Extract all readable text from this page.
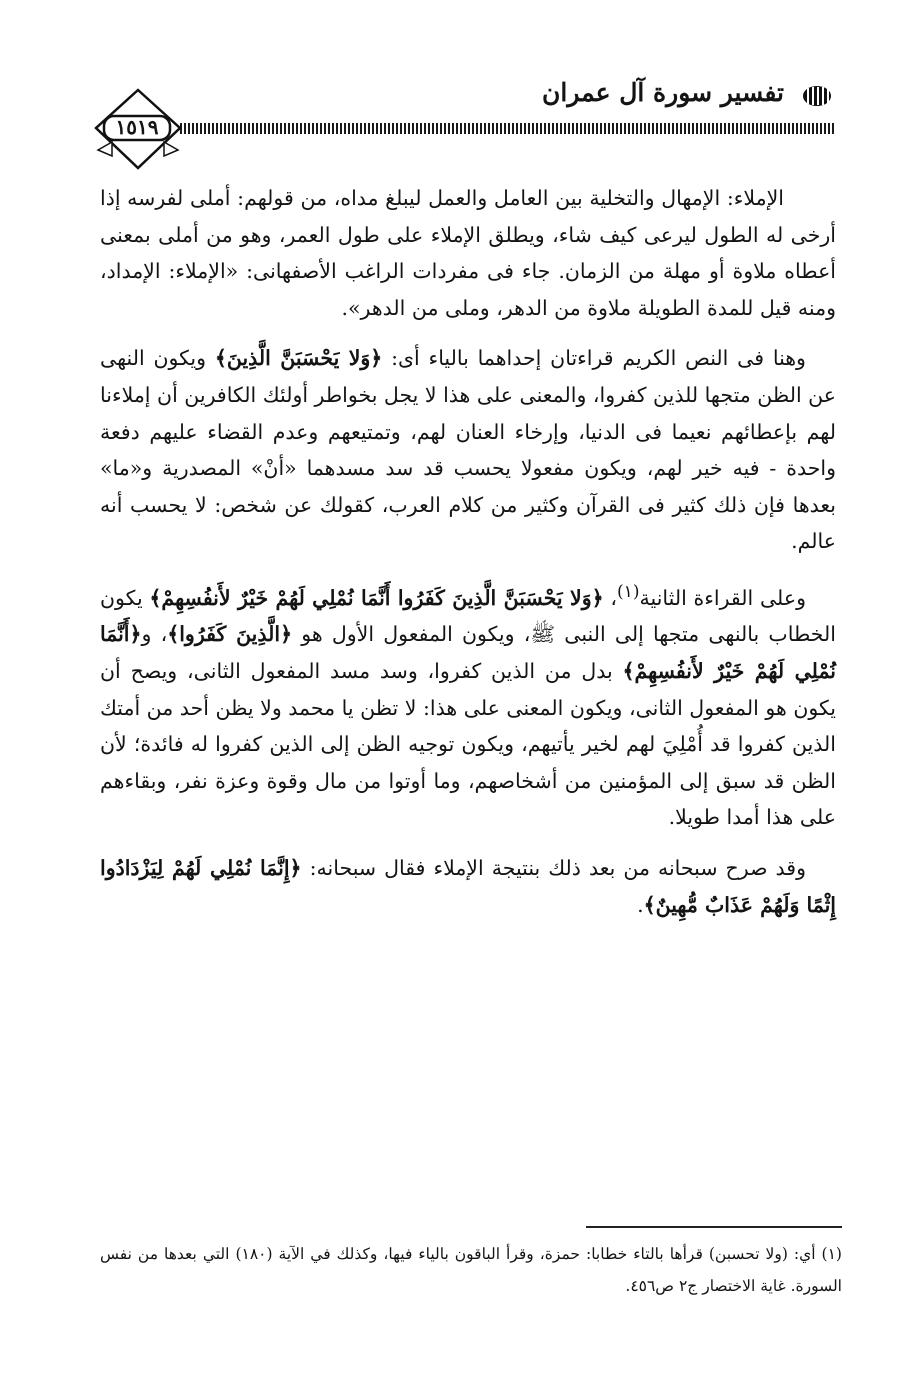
تفسير سورة آل عمران
١٥١٩

الإملاء: الإمهال والتخلية بين العامل والعمل ليبلغ مداه، من قولهم: أملى لفرسه إذا أرخى له الطول ليرعى كيف شاء، ويطلق الإملاء على طول العمر، وهو من أملى بمعنى أعطاه ملاوة أو مهلة من الزمان. جاء فى مفردات الراغب الأصفهانى: «الإملاء: الإمداد، ومنه قيل للمدة الطويلة ملاوة من الدهر، وملى من الدهر».

وهنا فى النص الكريم قراءتان إحداهما بالياء أى: ﴿وَلا يَحْسَبَنَّ الَّذِينَ﴾ ويكون النهى عن الظن متجها للذين كفروا، والمعنى على هذا لا يجل بخواطر أولئك الكافرين أن إملاءنا لهم بإعطائهم نعيما فى الدنيا، وإرخاء العنان لهم، وتمتيعهم وعدم القضاء عليهم دفعة واحدة - فيه خير لهم، ويكون مفعولا يحسب قد سد مسدهما «أنْ» المصدرية و«ما» بعدها فإن ذلك كثير فى القرآن وكثير من كلام العرب، كقولك عن شخص: لا يحسب أنه عالم.

وعلى القراءة الثانية$^{(١)}$، ﴿وَلا يَحْسَبَنَّ الَّذِينَ كَفَرُوا أَنَّمَا نُمْلِي لَهُمْ خَيْرٌ لأَنفُسِهِمْ﴾ يكون الخطاب بالنهى متجها إلى النبى ﷺ، ويكون المفعول الأول هو ﴿الَّذِينَ كَفَرُوا﴾، و﴿أَنَّمَا نُمْلِي لَهُمْ خَيْرٌ لأَنفُسِهِمْ﴾ بدل من الذين كفروا، وسد مسد المفعول الثانى، ويصح أن يكون هو المفعول الثانى، ويكون المعنى على هذا: لا تظن يا محمد ولا يظن أحد من أمتك الذين كفروا قد أُمْلِيَ لهم لخير يأتيهم، ويكون توجيه الظن إلى الذين كفروا له فائدة؛ لأن الظن قد سبق إلى المؤمنين من أشخاصهم، وما أوتوا من مال وقوة وعزة نفر، وبقاءهم على هذا أمدا طويلا.

وقد صرح سبحانه من بعد ذلك بنتيجة الإملاء فقال سبحانه: ﴿إِنَّمَا نُمْلِي لَهُمْ لِيَزْدَادُوا إِثْمًا وَلَهُمْ عَذَابٌ مُّهِينٌ﴾.

(١) أي: (ولا تحسبن) قرأها بالتاء خطابا: حمزة، وقرأ الباقون بالياء فيها، وكذلك في الآية (١٨٠) التي بعدها من نفس السورة. غاية الاختصار ج٢ ص٤٥٦.
